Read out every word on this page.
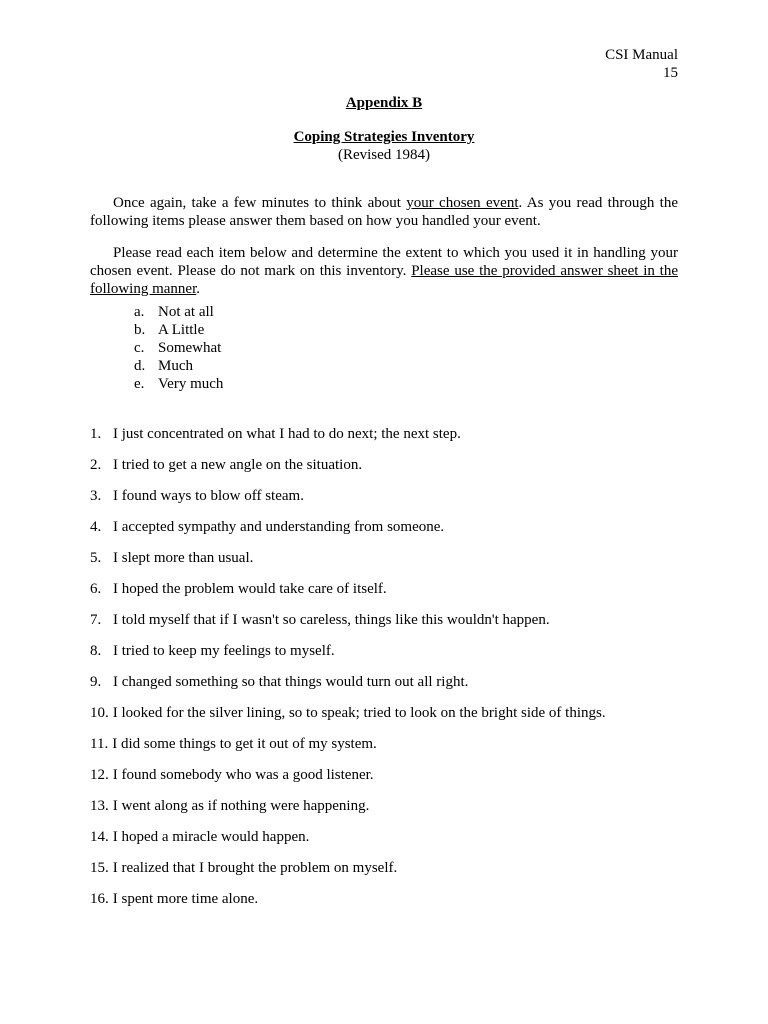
CSI Manual
15
Appendix B
Coping Strategies Inventory
(Revised 1984)
Once again, take a few minutes to think about your chosen event. As you read through the following items please answer them based on how you handled your event.
Please read each item below and determine the extent to which you used it in handling your chosen event. Please do not mark on this inventory. Please use the provided answer sheet in the following manner.
a. Not at all
b. A Little
c. Somewhat
d. Much
e. Very much
1. I just concentrated on what I had to do next; the next step.
2. I tried to get a new angle on the situation.
3. I found ways to blow off steam.
4. I accepted sympathy and understanding from someone.
5. I slept more than usual.
6. I hoped the problem would take care of itself.
7. I told myself that if I wasn't so careless, things like this wouldn't happen.
8. I tried to keep my feelings to myself.
9. I changed something so that things would turn out all right.
10. I looked for the silver lining, so to speak; tried to look on the bright side of things.
11. I did some things to get it out of my system.
12. I found somebody who was a good listener.
13. I went along as if nothing were happening.
14. I hoped a miracle would happen.
15. I realized that I brought the problem on myself.
16. I spent more time alone.
